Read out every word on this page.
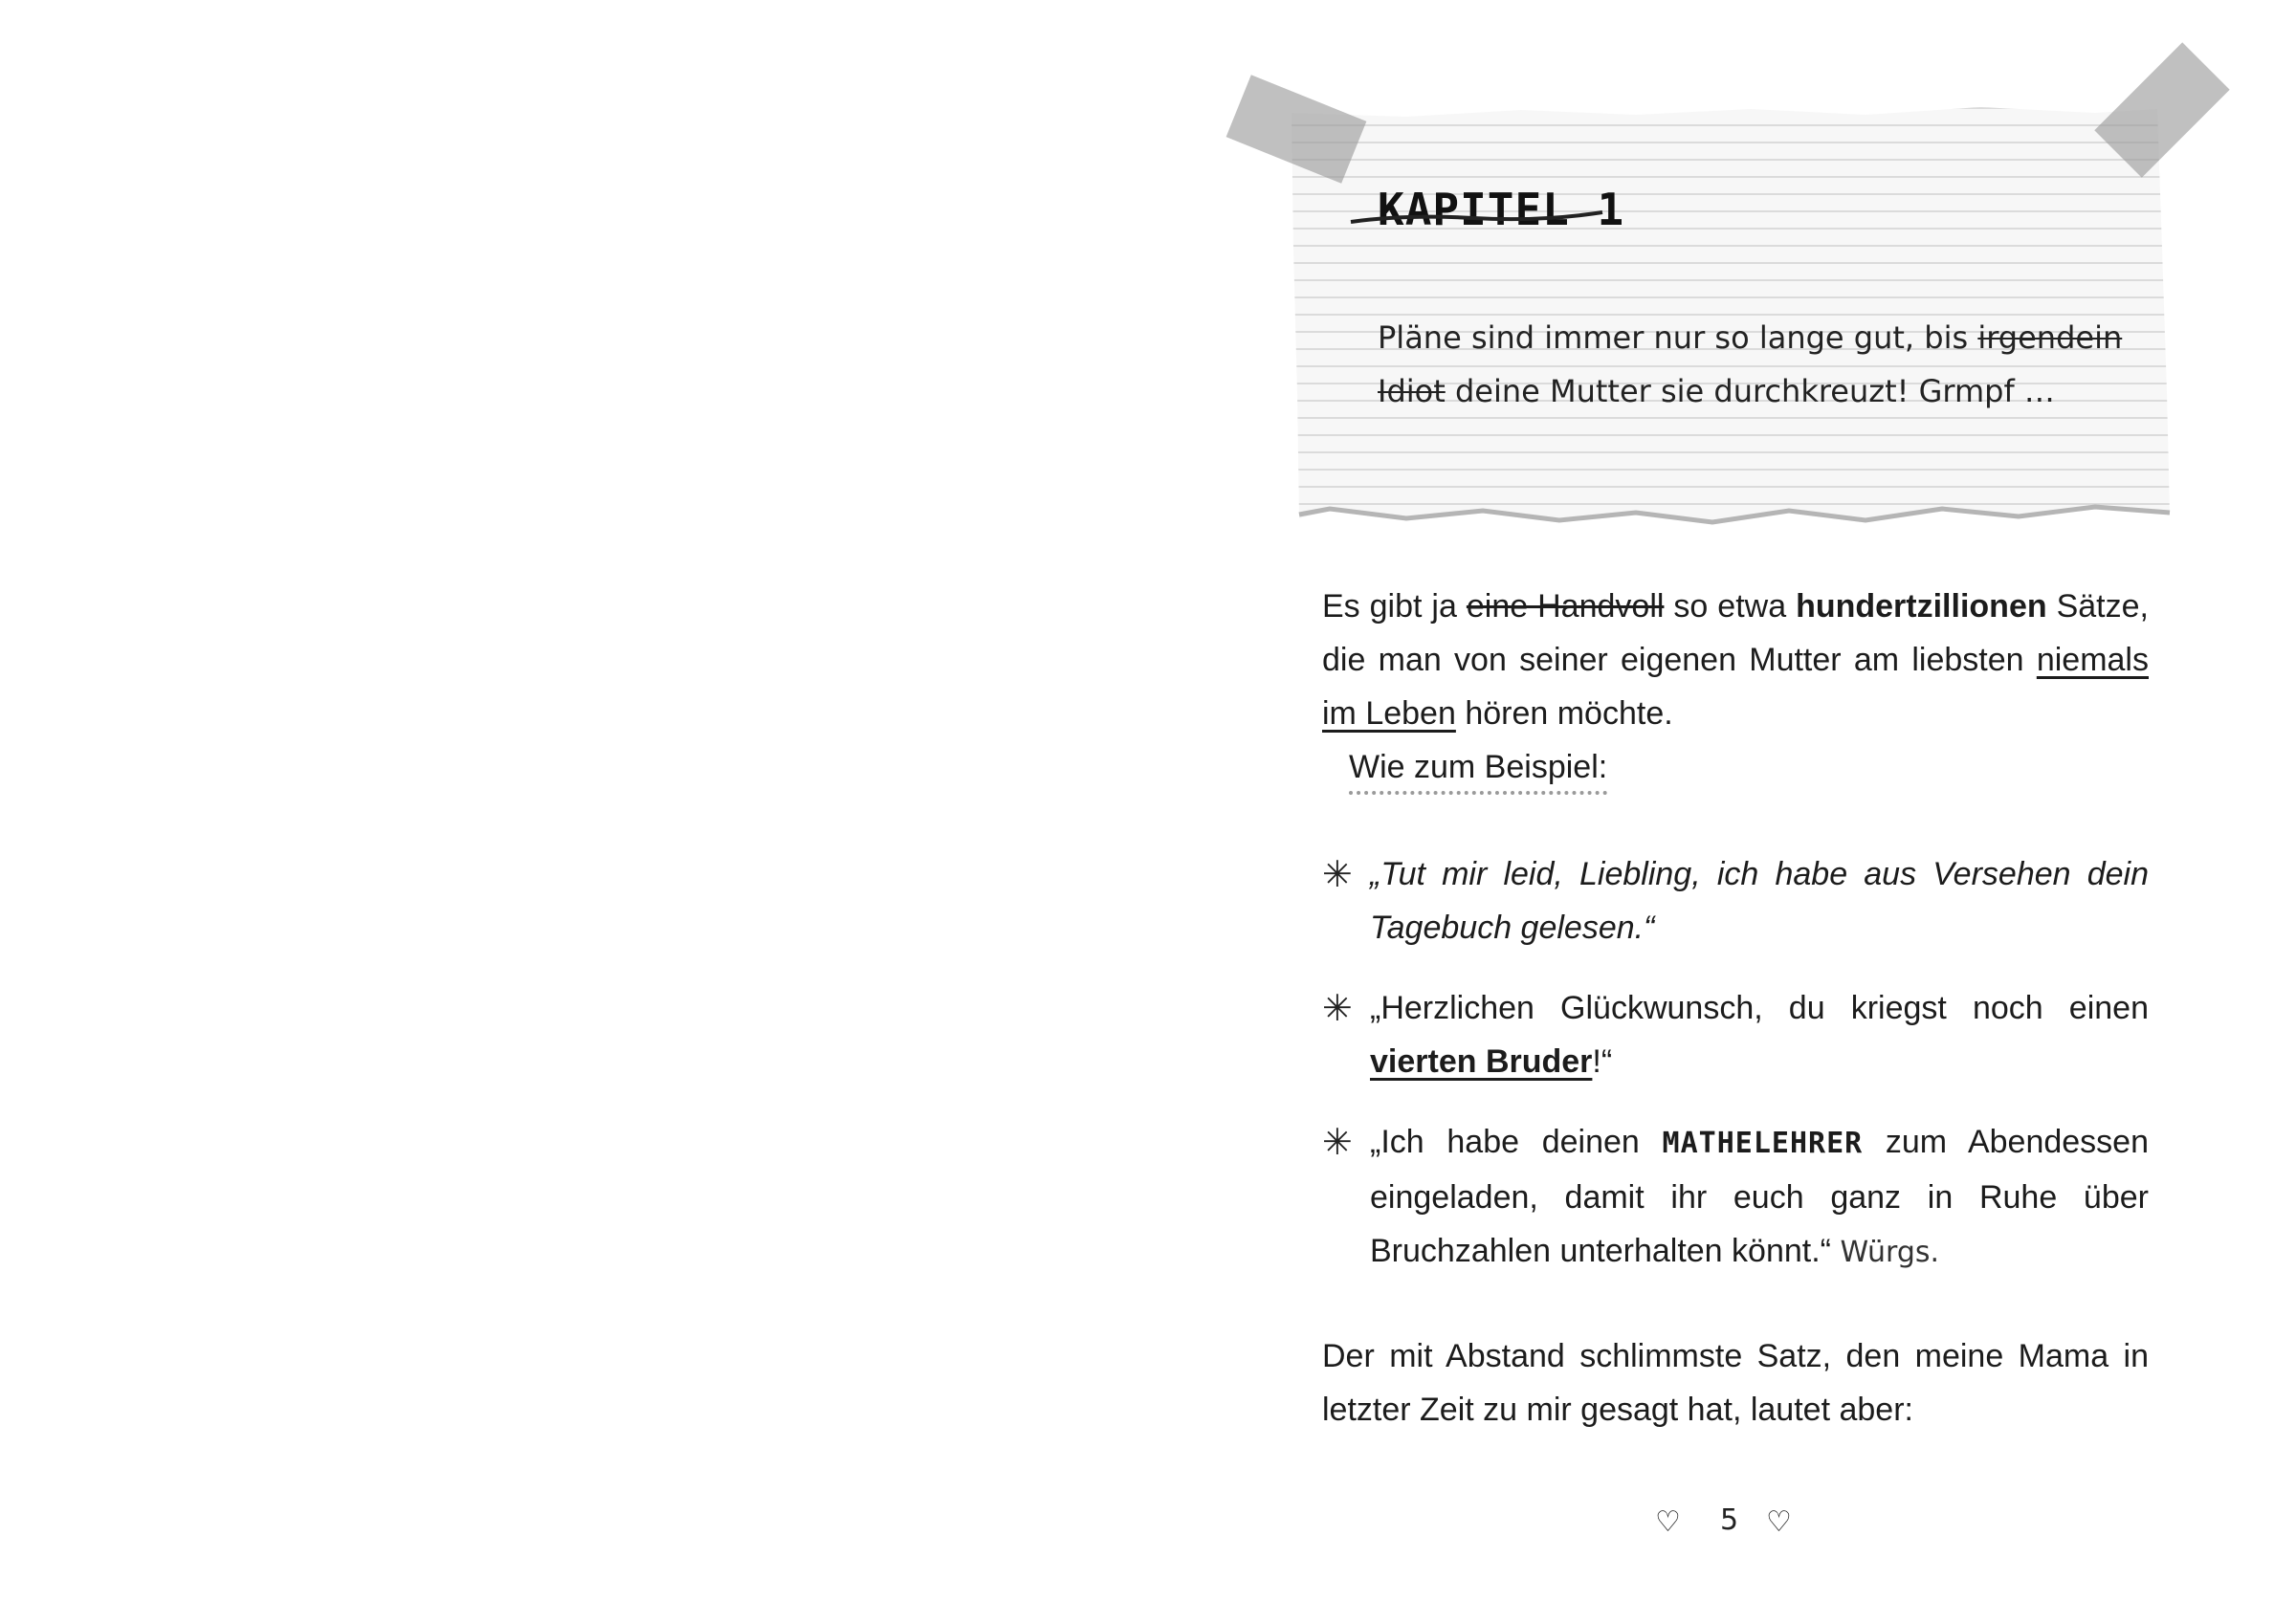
KAPITEL 1
Pläne sind immer nur so lange gut, bis irgendein Idiot deine Mutter sie durchkreuzt! Grmpf …
Es gibt ja eine Handvoll so etwa hundertzillionen Sätze, die man von seiner eigenen Mutter am liebsten niemals im Leben hören möchte.
Wie zum Beispiel:
✳ „Tut mir leid, Liebling, ich habe aus Versehen dein Tagebuch gelesen.“
✳ „Herzlichen Glückwunsch, du kriegst noch einen vierten Bruder!“
✳ „Ich habe deinen MATHELEHRER zum Abendessen eingeladen, damit ihr euch ganz in Ruhe über Bruchzahlen unterhalten könnt.“ Würgs.
Der mit Abstand schlimmste Satz, den meine Mama in letzter Zeit zu mir gesagt hat, lautet aber:
♡ 5 ♡
